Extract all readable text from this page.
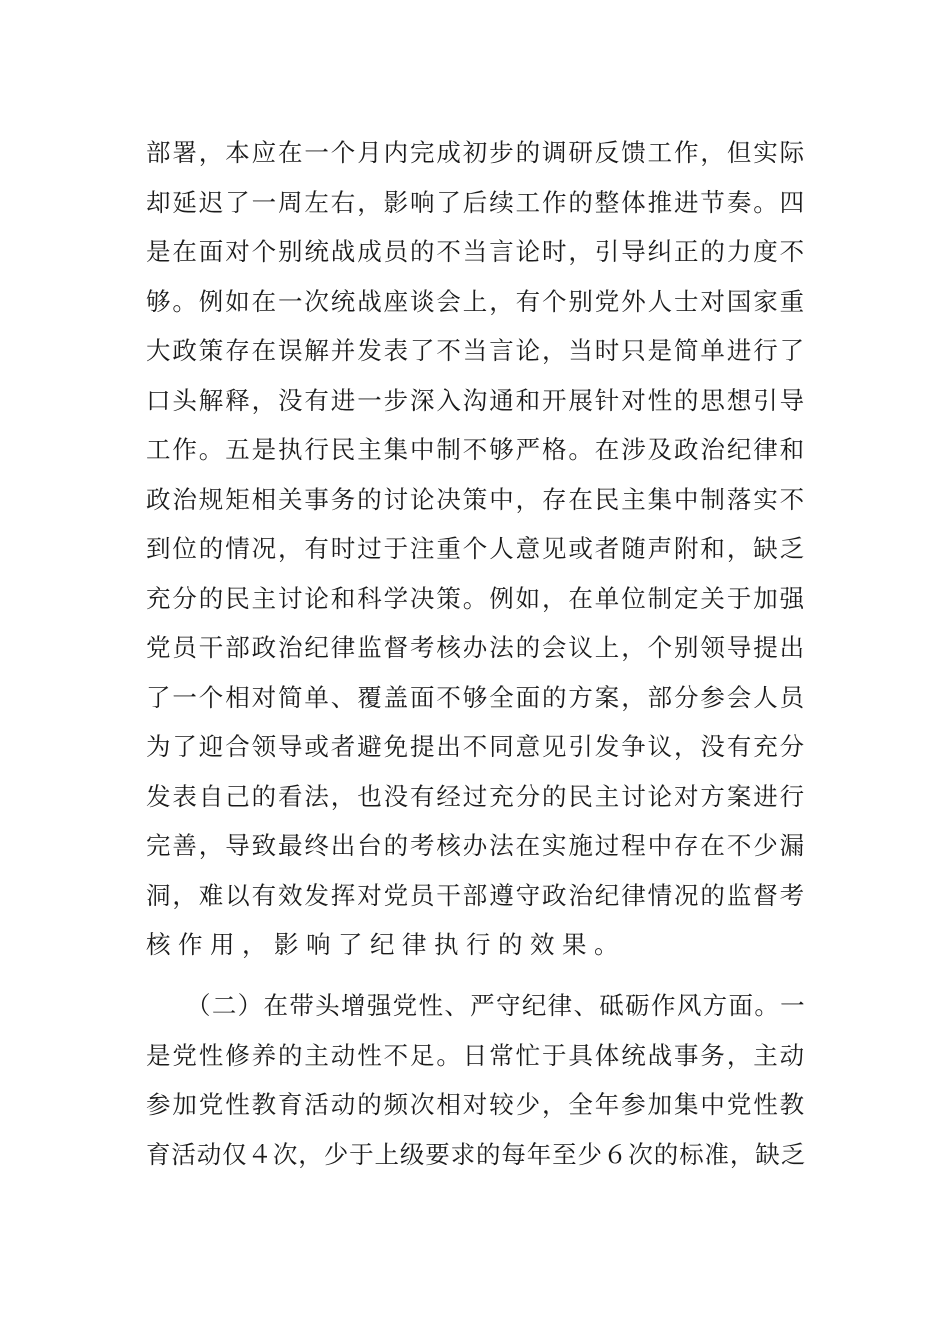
部署，本应在一个月内完成初步的调研反馈工作，但实际
却延迟了一周左右，影响了后续工作的整体推进节奏。四
是在面对个别统战成员的不当言论时，引导纠正的力度不
够。例如在一次统战座谈会上，有个别党外人士对国家重
大政策存在误解并发表了不当言论，当时只是简单进行了
口头解释，没有进一步深入沟通和开展针对性的思想引导
工作。五是执行民主集中制不够严格。在涉及政治纪律和
政治规矩相关事务的讨论决策中，存在民主集中制落实不
到位的情况，有时过于注重个人意见或者随声附和，缺乏
充分的民主讨论和科学决策。例如，在单位制定关于加强
党员干部政治纪律监督考核办法的会议上，个别领导提出
了一个相对简单、覆盖面不够全面的方案，部分参会人员
为了迎合领导或者避免提出不同意见引发争议，没有充分
发表自己的看法，也没有经过充分的民主讨论对方案进行
完善，导致最终出台的考核办法在实施过程中存在不少漏
洞，难以有效发挥对党员干部遵守政治纪律情况的监督考
核作用，影响了纪律执行的效果。
（二）在带头增强党性、严守纪律、砥砺作风方面。一
是党性修养的主动性不足。日常忙于具体统战事务，主动
参加党性教育活动的频次相对较少，全年参加集中党性教
育活动仅４次，少于上级要求的每年至少６次的标准，缺乏
